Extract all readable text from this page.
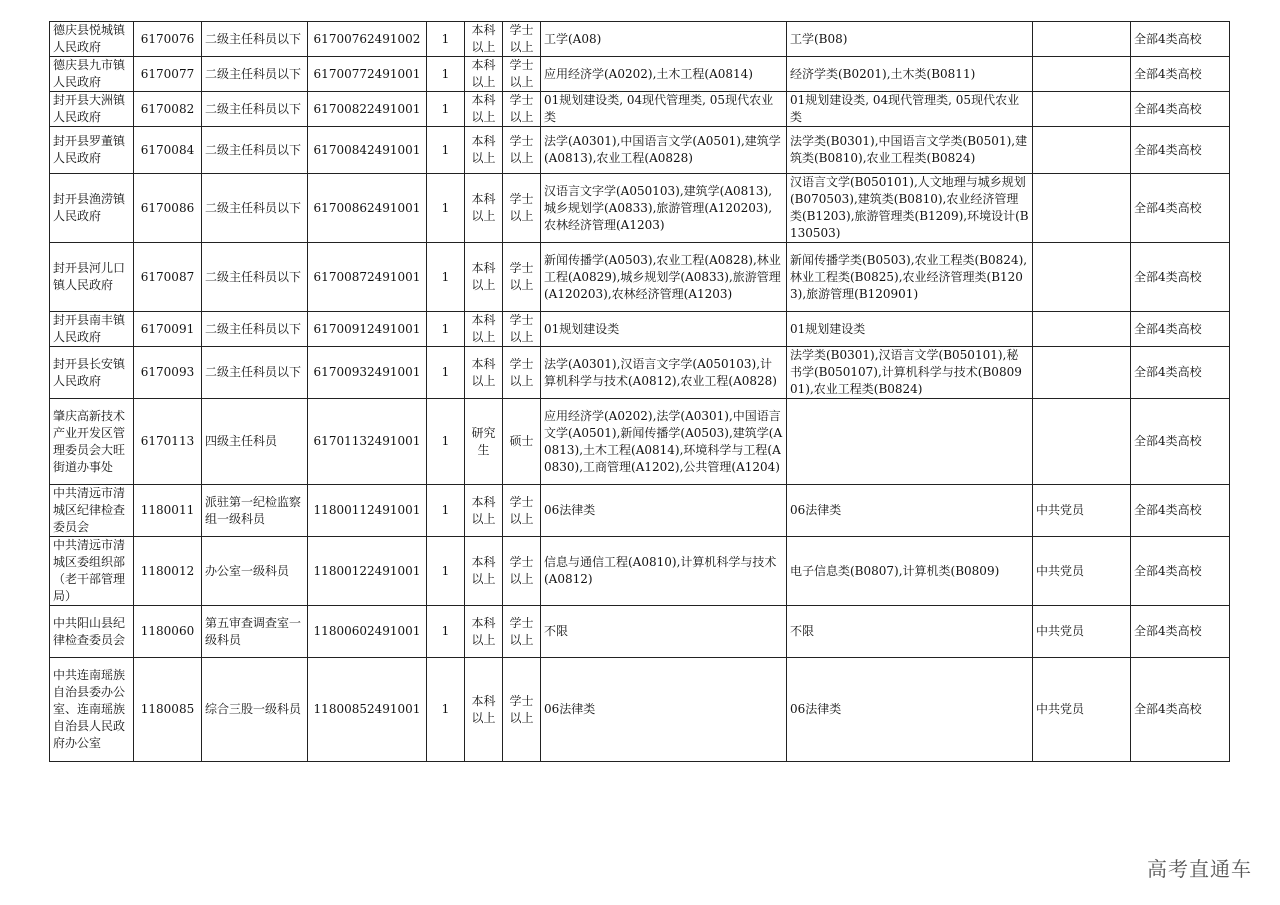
德庆县悦城镇人民政府	6170076	二级主任科员以下	61700762491002	1	本科以上	学士以上	工学(A08)	工学(B08)		全部4类高校
德庆县九市镇人民政府	6170077	二级主任科员以下	61700772491001	1	本科以上	学士以上	应用经济学(A0202),土木工程(A0814)	经济学类(B0201),土木类(B0811)		全部4类高校
封开县大洲镇人民政府	6170082	二级主任科员以下	61700822491001	1	本科以上	学士以上	01规划建设类, 04现代管理类, 05现代农业类	01规划建设类, 04现代管理类, 05现代农业类		全部4类高校
封开县罗董镇人民政府	6170084	二级主任科员以下	61700842491001	1	本科以上	学士以上	法学(A0301),中国语言文学(A0501),建筑学(A0813),农业工程(A0828)	法学类(B0301),中国语言文学类(B0501),建筑类(B0810),农业工程类(B0824)		全部4类高校
封开县渔涝镇人民政府	6170086	二级主任科员以下	61700862491001	1	本科以上	学士以上	汉语言文字学(A050103),建筑学(A0813),城乡规划学(A0833),旅游管理(A120203),农林经济管理(A1203)	汉语言文学(B050101),人文地理与城乡规划(B070503),建筑类(B0810),农业经济管理类(B1203),旅游管理类(B1209),环境设计(B130503)		全部4类高校
封开县河儿口镇人民政府	6170087	二级主任科员以下	61700872491001	1	本科以上	学士以上	新闻传播学(A0503),农业工程(A0828),林业工程(A0829),城乡规划学(A0833),旅游管理(A120203),农林经济管理(A1203)	新闻传播学类(B0503),农业工程类(B0824),林业工程类(B0825),农业经济管理类(B1203),旅游管理(B120901)		全部4类高校
封开县南丰镇人民政府	6170091	二级主任科员以下	61700912491001	1	本科以上	学士以上	01规划建设类	01规划建设类		全部4类高校
封开县长安镇人民政府	6170093	二级主任科员以下	61700932491001	1	本科以上	学士以上	法学(A0301),汉语言文字学(A050103),计算机科学与技术(A0812),农业工程(A0828)	法学类(B0301),汉语言文学(B050101),秘书学(B050107),计算机科学与技术(B080901),农业工程类(B0824)		全部4类高校
肇庆高新技术产业开发区管理委员会大旺街道办事处	6170113	四级主任科员	61701132491001	1	研究生	硕士	应用经济学(A0202),法学(A0301),中国语言文学(A0501),新闻传播学(A0503),建筑学(A0813),土木工程(A0814),环境科学与工程(A0830),工商管理(A1202),公共管理(A1204)			全部4类高校
中共清远市清城区纪律检查委员会	1180011	派驻第一纪检监察组一级科员	11800112491001	1	本科以上	学士以上	06法律类	06法律类	中共党员	全部4类高校
中共清远市清城区委组织部（老干部管理局）	1180012	办公室一级科员	11800122491001	1	本科以上	学士以上	信息与通信工程(A0810),计算机科学与技术(A0812)	电子信息类(B0807),计算机类(B0809)	中共党员	全部4类高校
中共阳山县纪律检查委员会	1180060	第五审查调查室一级科员	11800602491001	1	本科以上	学士以上	不限	不限	中共党员	全部4类高校
中共连南瑶族自治县委办公室、连南瑶族自治县人民政府办公室	1180085	综合三股一级科员	11800852491001	1	本科以上	学士以上	06法律类	06法律类	中共党员	全部4类高校
高考直通车
